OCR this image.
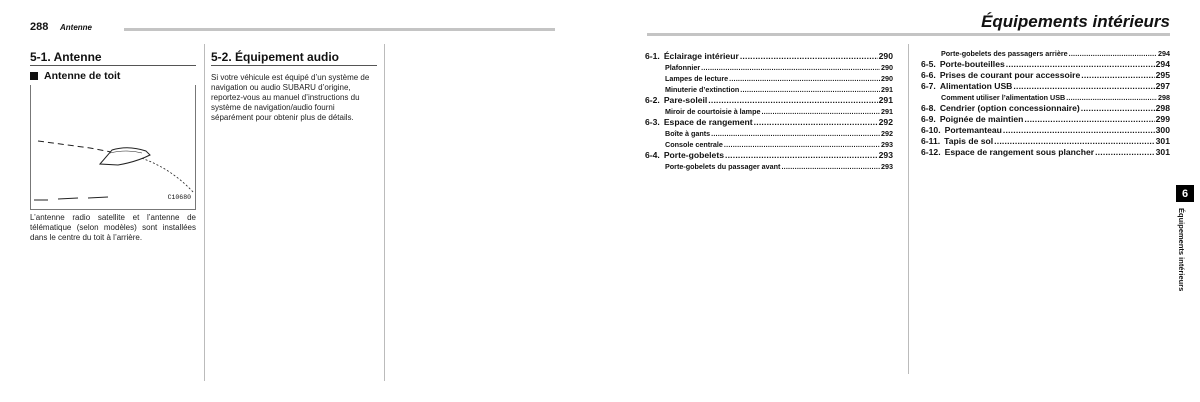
288 Antenne
5-1. Antenne
Antenne de toit
C10680
L’antenne radio satellite et l’antenne de télématique (selon modèles) sont installées dans le centre du toit à l’arrière.
5-2. Équipement audio
Si votre véhicule est équipé d’un système de navigation ou audio SUBARU d’origine, reportez-vous au manuel d’instructions du système de navigation/audio fourni séparément pour obtenir plus de détails.
Équipements intérieurs
6-1. Éclairage intérieur .....	290
Plafonnier .....	290
Lampes de lecture .....	290
Minuterie d’extinction .....	291
6-2. Pare-soleil .....	291
Miroir de courtoisie à lampe .....	291
6-3. Espace de rangement .....	292
Boîte à gants .....	292
Console centrale .....	293
6-4. Porte-gobelets .....	293
Porte-gobelets du passager avant .....	293
Porte-gobelets des passagers arrière .....	294
6-5. Porte-bouteilles .....	294
6-6. Prises de courant pour accessoire .....	295
6-7. Alimentation USB .....	297
Comment utiliser l’alimentation USB .....	298
6-8. Cendrier (option concessionnaire) .....	298
6-9. Poignée de maintien .....	299
6-10. Portemanteau .....	300
6-11. Tapis de sol .....	301
6-12. Espace de rangement sous plancher .....	301
6
Équipements intérieurs
